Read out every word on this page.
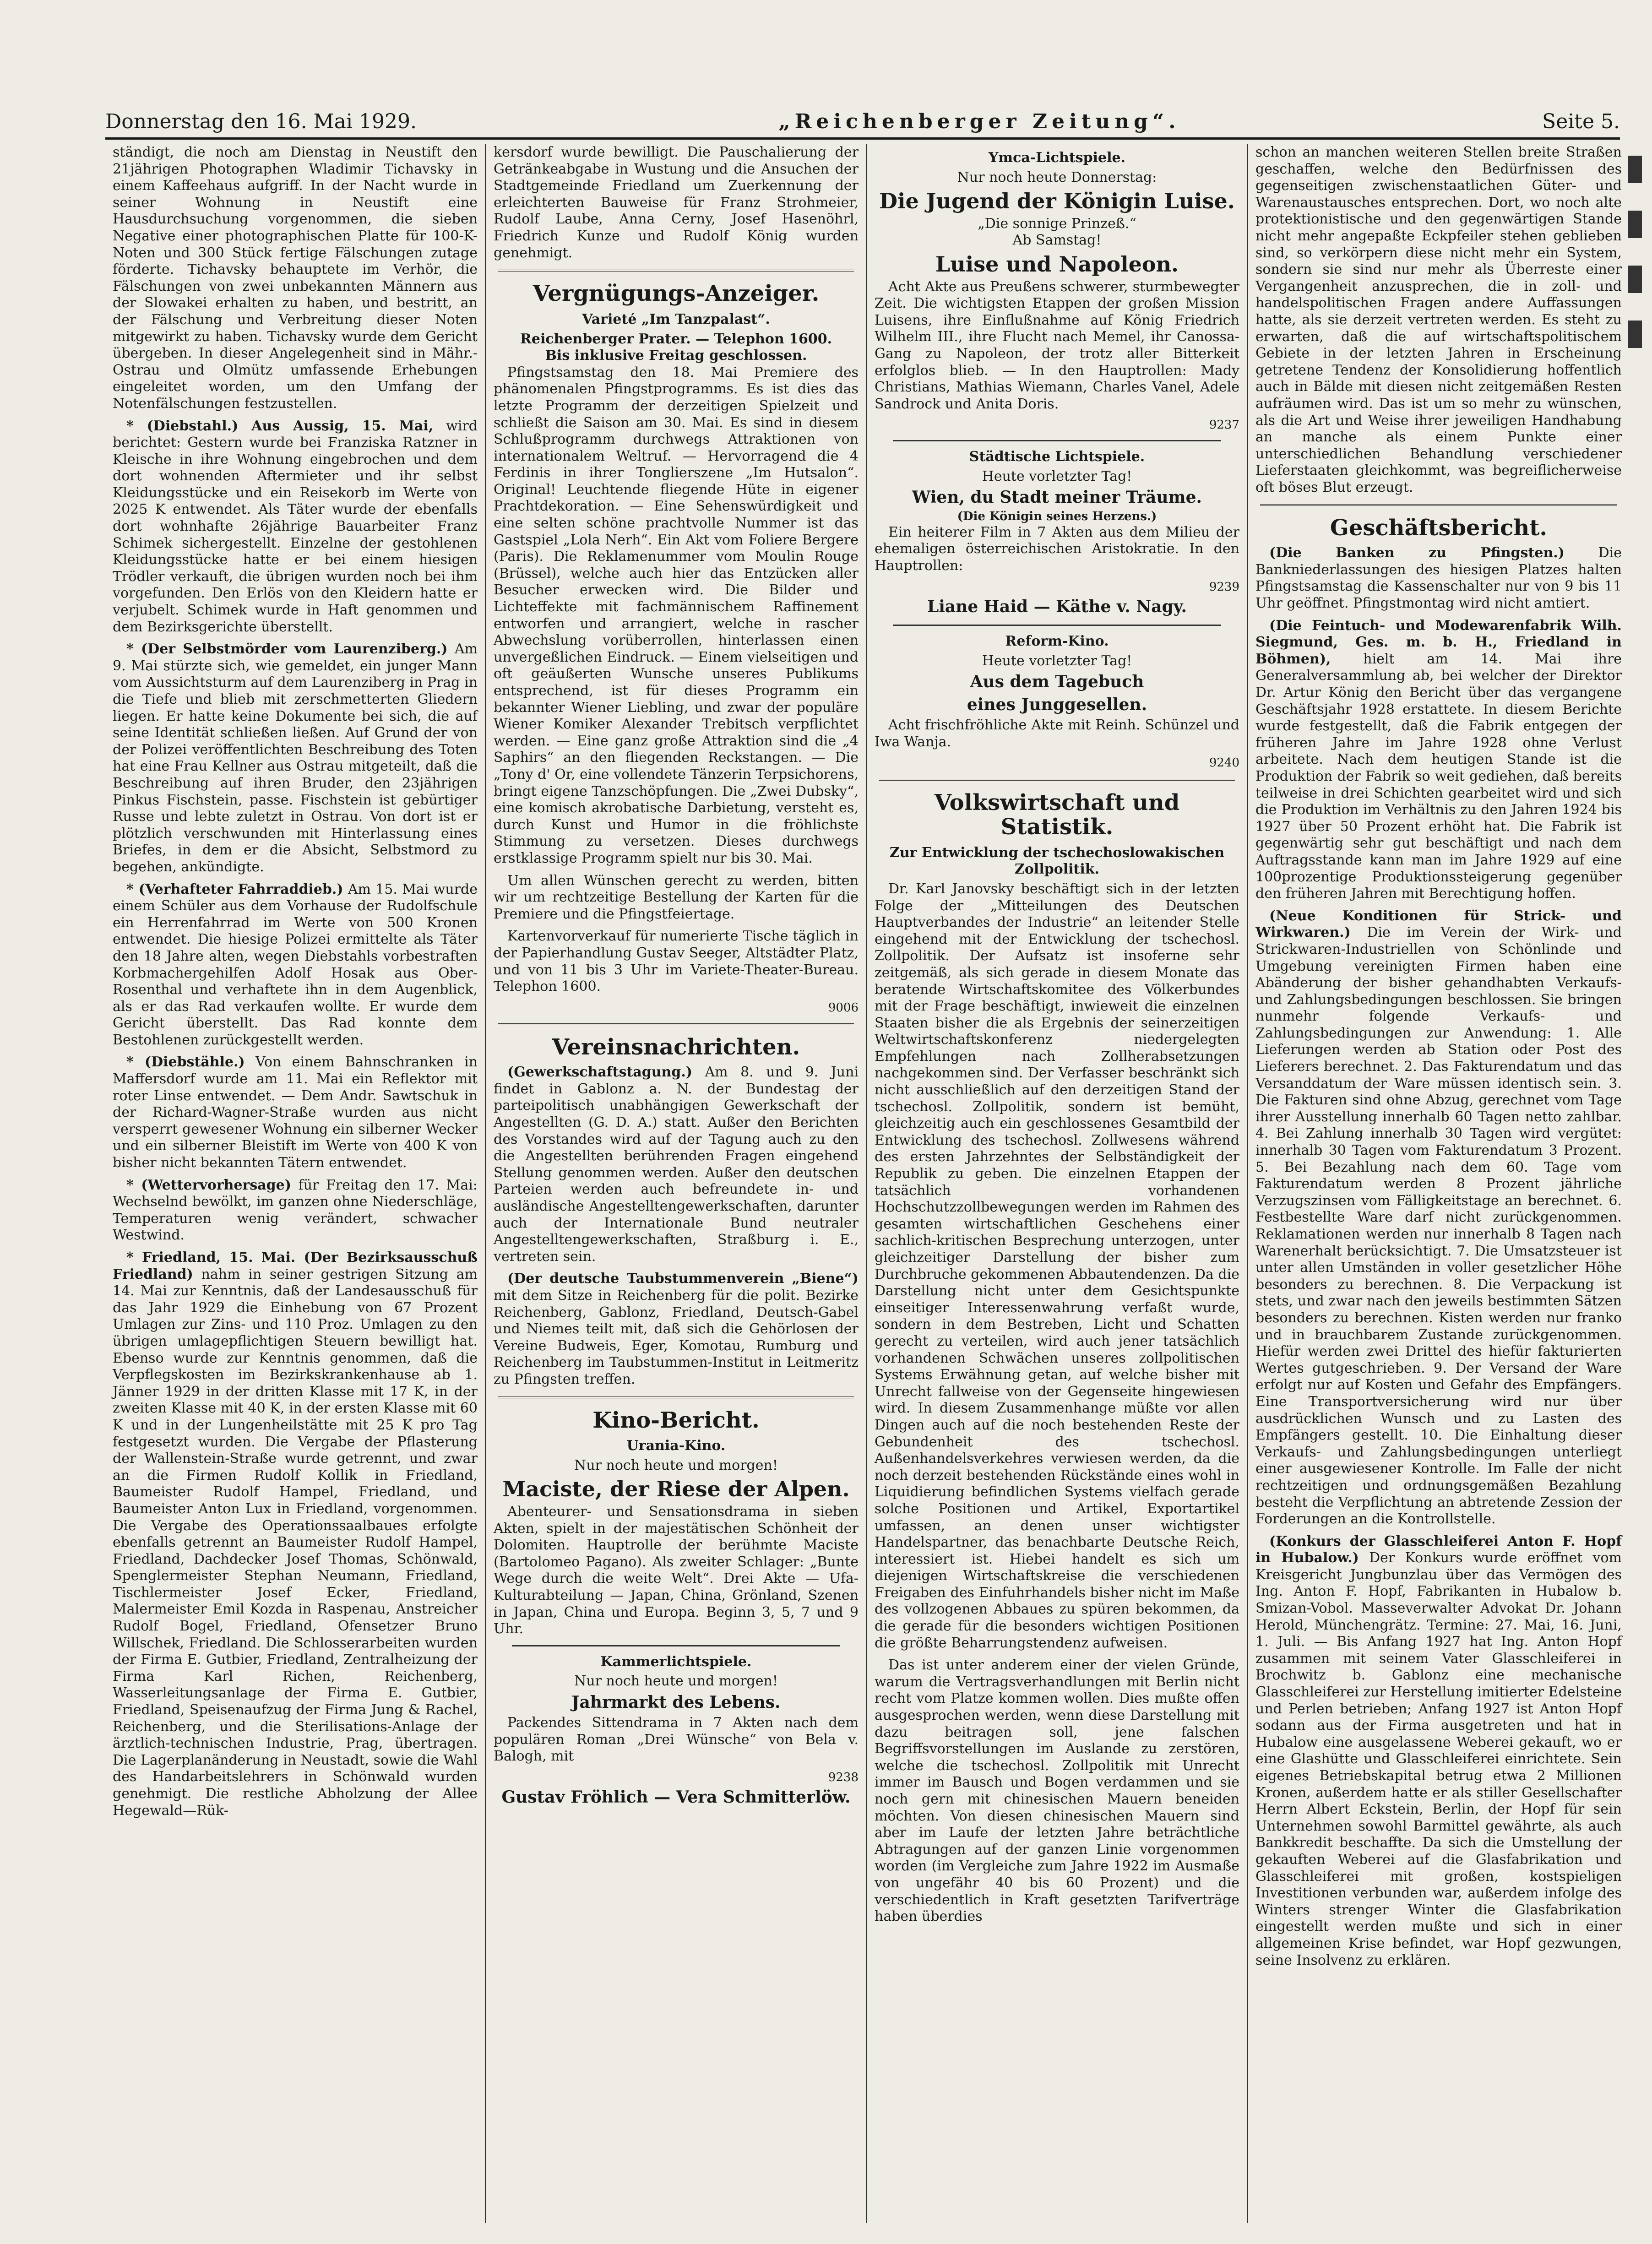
Donnerstag den 16. Mai 1929.	„Reichenberger Zeitung“.	Seite 5.

ständigt, die noch am Dienstag in Neustift den 21jährigen Photographen Wladimir Tichavsky in einem Kaffeehaus aufgriff. In der Nacht wurde in seiner Wohnung in Neustift eine Hausdurchsuchung vorgenommen, die sieben Negative einer photographischen Platte für 100-K-Noten und 300 Stück fertige Fälschungen zutage förderte. Tichavsky behauptete im Verhör, die Fälschungen von zwei unbekannten Männern aus der Slowakei erhalten zu haben, und bestritt, an der Fälschung und Verbreitung dieser Noten mitgewirkt zu haben. Tichavsky wurde dem Gericht übergeben. In dieser Angelegenheit sind in Mähr.-Ostrau und Olmütz umfassende Erhebungen eingeleitet worden, um den Umfang der Notenfälschungen festzustellen.

* (Diebstahl.) Aus Aussig, 15. Mai, wird berichtet: Gestern wurde bei Franziska Ratzner in Kleische in ihre Wohnung eingebrochen und dem dort wohnenden Aftermieter und ihr selbst Kleidungsstücke und ein Reisekorb im Werte von 2025 K entwendet. Als Täter wurde der ebenfalls dort wohnhafte 26jährige Bauarbeiter Franz Schimek sichergestellt. Einzelne der gestohlenen Kleidungsstücke hatte er bei einem hiesigen Trödler verkauft, die übrigen wurden noch bei ihm vorgefunden. Den Erlös von den Kleidern hatte er verjubelt. Schimek wurde in Haft genommen und dem Bezirksgerichte überstellt.

* (Der Selbstmörder vom Laurenziberg.) Am 9. Mai stürzte sich, wie gemeldet, ein junger Mann vom Aussichtsturm auf dem Laurenziberg in Prag in die Tiefe und blieb mit zerschmetterten Gliedern liegen. Er hatte keine Dokumente bei sich, die auf seine Identität schließen ließen. Auf Grund der von der Polizei veröffentlichten Beschreibung des Toten hat eine Frau Kellner aus Ostrau mitgeteilt, daß die Beschreibung auf ihren Bruder, den 23jährigen Pinkus Fischstein, passe. Fischstein ist gebürtiger Russe und lebte zuletzt in Ostrau. Von dort ist er plötzlich verschwunden mit Hinterlassung eines Briefes, in dem er die Absicht, Selbstmord zu begehen, ankündigte.

* (Verhafteter Fahrraddieb.) Am 15. Mai wurde einem Schüler aus dem Vorhause der Rudolfschule ein Herrenfahrrad im Werte von 500 Kronen entwendet. Die hiesige Polizei ermittelte als Täter den 18 Jahre alten, wegen Diebstahls vorbestraften Korbmachergehilfen Adolf Hosak aus Ober-Rosenthal und verhaftete ihn in dem Augenblick, als er das Rad verkaufen wollte. Er wurde dem Gericht überstellt. Das Rad konnte dem Bestohlenen zurückgestellt werden.

* (Diebstähle.) Von einem Bahnschranken in Maffersdorf wurde am 11. Mai ein Reflektor mit roter Linse entwendet. — Dem Andr. Sawtschuk in der Richard-Wagner-Straße wurden aus nicht versperrt gewesener Wohnung ein silberner Wecker und ein silberner Bleistift im Werte von 400 K von bisher nicht bekannten Tätern entwendet.

* (Wettervorhersage) für Freitag den 17. Mai: Wechselnd bewölkt, im ganzen ohne Niederschläge, Temperaturen wenig verändert, schwacher Westwind.

* Friedland, 15. Mai. (Der Bezirksausschuß Friedland) nahm in seiner gestrigen Sitzung am 14. Mai zur Kenntnis, daß der Landesausschuß für das Jahr 1929 die Einhebung von 67 Prozent Umlagen zur Zins- und 110 Proz. Umlagen zu den übrigen umlagepflichtigen Steuern bewilligt hat. Ebenso wurde zur Kenntnis genommen, daß die Verpflegskosten im Bezirkskrankenhause ab 1. Jänner 1929 in der dritten Klasse mit 17 K, in der zweiten Klasse mit 40 K, in der ersten Klasse mit 60 K und in der Lungenheilstätte mit 25 K pro Tag festgesetzt wurden. Die Vergabe der Pflasterung der Wallenstein-Straße wurde getrennt, und zwar an die Firmen Rudolf Kollik in Friedland, Baumeister Rudolf Hampel, Friedland, und Baumeister Anton Lux in Friedland, vorgenommen. Die Vergabe des Operationssaalbaues erfolgte ebenfalls getrennt an Baumeister Rudolf Hampel, Friedland, Dachdecker Josef Thomas, Schönwald, Spenglermeister Stephan Neumann, Friedland, Tischlermeister Josef Ecker, Friedland, Malermeister Emil Kozda in Raspenau, Anstreicher Rudolf Bogel, Friedland, Ofensetzer Bruno Willschek, Friedland. Die Schlosserarbeiten wurden der Firma E. Gutbier, Friedland, Zentralheizung der Firma Karl Richen, Reichenberg, Wasserleitungsanlage der Firma E. Gutbier, Friedland, Speisenaufzug der Firma Jung & Rachel, Reichenberg, und die Sterilisations-Anlage der ärztlich-technischen Industrie, Prag, übertragen. Die Lagerplanänderung in Neustadt, sowie die Wahl des Handarbeitslehrers in Schönwald wurden genehmigt. Die restliche Abholzung der Allee Hegewald—Rük-

kersdorf wurde bewilligt. Die Pauschalierung der Getränkeabgabe in Wustung und die Ansuchen der Stadtgemeinde Friedland um Zuerkennung der erleichterten Bauweise für Franz Strohmeier, Rudolf Laube, Anna Cerny, Josef Hasenöhrl, Friedrich Kunze und Rudolf König wurden genehmigt.

Vergnügungs-Anzeiger.
Varieté „Im Tanzpalast“.
Reichenberger Prater. — Telephon 1600.
Bis inklusive Freitag geschlossen.

Pfingstsamstag den 18. Mai Premiere des phänomenalen Pfingstprogramms. Es ist dies das letzte Programm der derzeitigen Spielzeit und schließt die Saison am 30. Mai. Es sind in diesem Schlußprogramm durchwegs Attraktionen von internationalem Weltruf. — Hervorragend die 4 Ferdinis in ihrer Tonglierszene „Im Hutsalon“. Original! Leuchtende fliegende Hüte in eigener Prachtdekoration. — Eine Sehenswürdigkeit und eine selten schöne prachtvolle Nummer ist das Gastspiel „Lola Nerh“. Ein Akt vom Foliere Bergere (Paris). Die Reklamenummer vom Moulin Rouge (Brüssel), welche auch hier das Entzücken aller Besucher erwecken wird. Die Bilder und Lichteffekte mit fachmännischem Raffinement entworfen und arrangiert, welche in rascher Abwechslung vorüberrollen, hinterlassen einen unvergeßlichen Eindruck. — Einem vielseitigen und oft geäußerten Wunsche unseres Publikums entsprechend, ist für dieses Programm ein bekannter Wiener Liebling, und zwar der populäre Wiener Komiker Alexander Trebitsch verpflichtet werden. — Eine ganz große Attraktion sind die „4 Saphirs“ an den fliegenden Reckstangen. — Die „Tony d' Or, eine vollendete Tänzerin Terpsichorens, bringt eigene Tanzschöpfungen. Die „Zwei Dubsky“, eine komisch akrobatische Darbietung, versteht es, durch Kunst und Humor in die fröhlichste Stimmung zu versetzen. Dieses durchwegs erstklassige Programm spielt nur bis 30. Mai.

Um allen Wünschen gerecht zu werden, bitten wir um rechtzeitige Bestellung der Karten für die Premiere und die Pfingstfeiertage.

Kartenvorverkauf für numerierte Tische täglich in der Papierhandlung Gustav Seeger, Altstädter Platz, und von 11 bis 3 Uhr im Variete-Theater-Bureau. Telephon 1600.

9006
Vereinsnachrichten.

(Gewerkschaftstagung.) Am 8. und 9. Juni findet in Gablonz a. N. der Bundestag der parteipolitisch unabhängigen Gewerkschaft der Angestellten (G. D. A.) statt. Außer den Berichten des Vorstandes wird auf der Tagung auch zu den die Angestellten berührenden Fragen eingehend Stellung genommen werden. Außer den deutschen Parteien werden auch befreundete in- und ausländische Angestelltengewerkschaften, darunter auch der Internationale Bund neutraler Angestelltengewerkschaften, Straßburg i. E., vertreten sein.

(Der deutsche Taubstummenverein „Biene“) mit dem Sitze in Reichenberg für die polit. Bezirke Reichenberg, Gablonz, Friedland, Deutsch-Gabel und Niemes teilt mit, daß sich die Gehörlosen der Vereine Budweis, Eger, Komotau, Rumburg und Reichenberg im Taubstummen-Institut in Leitmeritz zu Pfingsten treffen.

Kino-Bericht.
Urania-Kino.
Nur noch heute und morgen!
Maciste, der Riese der Alpen.

Abenteurer- und Sensationsdrama in sieben Akten, spielt in der majestätischen Schönheit der Dolomiten. Hauptrolle der berühmte Maciste (Bartolomeo Pagano). Als zweiter Schlager: „Bunte Wege durch die weite Welt“. Drei Akte — Ufa-Kulturabteilung — Japan, China, Grönland, Szenen in Japan, China und Europa. Beginn 3, 5, 7 und 9 Uhr.

Kammerlichtspiele.
Nur noch heute und morgen!
Jahrmarkt des Lebens.

Packendes Sittendrama in 7 Akten nach dem populären Roman „Drei Wünsche“ von Bela v. Balogh, mit

9238
Gustav Fröhlich — Vera Schmitterlöw.
Ymca-Lichtspiele.
Nur noch heute Donnerstag:
Die Jugend der Königin Luise.
„Die sonnige Prinzeß.“
Ab Samstag!
Luise und Napoleon.

Acht Akte aus Preußens schwerer, sturmbewegter Zeit. Die wichtigsten Etappen der großen Mission Luisens, ihre Einflußnahme auf König Friedrich Wilhelm III., ihre Flucht nach Memel, ihr Canossa-Gang zu Napoleon, der trotz aller Bitterkeit erfolglos blieb. — In den Hauptrollen: Mady Christians, Mathias Wiemann, Charles Vanel, Adele Sandrock und Anita Doris.

9237
Städtische Lichtspiele.
Heute vorletzter Tag!
Wien, du Stadt meiner Träume.
(Die Königin seines Herzens.)

Ein heiterer Film in 7 Akten aus dem Milieu der ehemaligen österreichischen Aristokratie. In den Hauptrollen:

9239
Liane Haid — Käthe v. Nagy.
Reform-Kino.
Heute vorletzter Tag!
Aus dem Tagebuch
eines Junggesellen.

Acht frischfröhliche Akte mit Reinh. Schünzel und Iwa Wanja.

9240
Volkswirtschaft und Statistik.
Zur Entwicklung der tschechoslowakischen Zollpolitik.

Dr. Karl Janovsky beschäftigt sich in der letzten Folge der „Mitteilungen des Deutschen Hauptverbandes der Industrie“ an leitender Stelle eingehend mit der Entwicklung der tschechosl. Zollpolitik. Der Aufsatz ist insoferne sehr zeitgemäß, als sich gerade in diesem Monate das beratende Wirtschaftskomitee des Völkerbundes mit der Frage beschäftigt, inwieweit die einzelnen Staaten bisher die als Ergebnis der seinerzeitigen Weltwirtschaftskonferenz niedergelegten Empfehlungen nach Zollherabsetzungen nachgekommen sind. Der Verfasser beschränkt sich nicht ausschließlich auf den derzeitigen Stand der tschechosl. Zollpolitik, sondern ist bemüht, gleichzeitig auch ein geschlossenes Gesamtbild der Entwicklung des tschechosl. Zollwesens während des ersten Jahrzehntes der Selbständigkeit der Republik zu geben. Die einzelnen Etappen der tatsächlich vorhandenen Hochschutzzollbewegungen werden im Rahmen des gesamten wirtschaftlichen Geschehens einer sachlich-kritischen Besprechung unterzogen, unter gleichzeitiger Darstellung der bisher zum Durchbruche gekommenen Abbautendenzen. Da die Darstellung nicht unter dem Gesichtspunkte einseitiger Interessenwahrung verfaßt wurde, sondern in dem Bestreben, Licht und Schatten gerecht zu verteilen, wird auch jener tatsächlich vorhandenen Schwächen unseres zollpolitischen Systems Erwähnung getan, auf welche bisher mit Unrecht fallweise von der Gegenseite hingewiesen wird. In diesem Zusammenhange müßte vor allen Dingen auch auf die noch bestehenden Reste der Gebundenheit des tschechosl. Außenhandelsverkehres verwiesen werden, da die noch derzeit bestehenden Rückstände eines wohl in Liquidierung befindlichen Systems vielfach gerade solche Positionen und Artikel, Exportartikel umfassen, an denen unser wichtigster Handelspartner, das benachbarte Deutsche Reich, interessiert ist. Hiebei handelt es sich um diejenigen Wirtschaftskreise die verschiedenen Freigaben des Einfuhrhandels bisher nicht im Maße des vollzogenen Abbaues zu spüren bekommen, da die gerade für die besonders wichtigen Positionen die größte Beharrungstendenz aufweisen.

Das ist unter anderem einer der vielen Gründe, warum die Vertragsverhandlungen mit Berlin nicht recht vom Platze kommen wollen. Dies mußte offen ausgesprochen werden, wenn diese Darstellung mit dazu beitragen soll, jene falschen Begriffsvorstellungen im Auslande zu zerstören, welche die tschechosl. Zollpolitik mit Unrecht immer im Bausch und Bogen verdammen und sie noch gern mit chinesischen Mauern beneiden möchten. Von diesen chinesischen Mauern sind aber im Laufe der letzten Jahre beträchtliche Abtragungen auf der ganzen Linie vorgenommen worden (im Vergleiche zum Jahre 1922 im Ausmaße von ungefähr 40 bis 60 Prozent) und die verschiedentlich in Kraft gesetzten Tarifverträge haben überdies

schon an manchen weiteren Stellen breite Straßen geschaffen, welche den Bedürfnissen des gegenseitigen zwischenstaatlichen Güter- und Warenaustausches entsprechen. Dort, wo noch alte protektionistische und den gegenwärtigen Stande nicht mehr angepaßte Eckpfeiler stehen geblieben sind, so verkörpern diese nicht mehr ein System, sondern sie sind nur mehr als Überreste einer Vergangenheit anzusprechen, die in zoll- und handelspolitischen Fragen andere Auffassungen hatte, als sie derzeit vertreten werden. Es steht zu erwarten, daß die auf wirtschaftspolitischem Gebiete in der letzten Jahren in Erscheinung getretene Tendenz der Konsolidierung hoffentlich auch in Bälde mit diesen nicht zeitgemäßen Resten aufräumen wird. Das ist um so mehr zu wünschen, als die Art und Weise ihrer jeweiligen Handhabung an manche als einem Punkte einer unterschiedlichen Behandlung verschiedener Lieferstaaten gleichkommt, was begreiflicherweise oft böses Blut erzeugt.

Geschäftsbericht.

(Die Banken zu Pfingsten.) Die Bankniederlassungen des hiesigen Platzes halten Pfingstsamstag die Kassenschalter nur von 9 bis 11 Uhr geöffnet. Pfingstmontag wird nicht amtiert.

(Die Feintuch- und Modewarenfabrik Wilh. Siegmund, Ges. m. b. H., Friedland in Böhmen), hielt am 14. Mai ihre Generalversammlung ab, bei welcher der Direktor Dr. Artur König den Bericht über das vergangene Geschäftsjahr 1928 erstattete. In diesem Berichte wurde festgestellt, daß die Fabrik entgegen der früheren Jahre im Jahre 1928 ohne Verlust arbeitete. Nach dem heutigen Stande ist die Produktion der Fabrik so weit gediehen, daß bereits teilweise in drei Schichten gearbeitet wird und sich die Produktion im Verhältnis zu den Jahren 1924 bis 1927 über 50 Prozent erhöht hat. Die Fabrik ist gegenwärtig sehr gut beschäftigt und nach dem Auftragsstande kann man im Jahre 1929 auf eine 100prozentige Produktionssteigerung gegenüber den früheren Jahren mit Berechtigung hoffen.

(Neue Konditionen für Strick- und Wirkwaren.) Die im Verein der Wirk- und Strickwaren-Industriellen von Schönlinde und Umgebung vereinigten Firmen haben eine Abänderung der bisher gehandhabten Verkaufs- und Zahlungsbedingungen beschlossen. Sie bringen nunmehr folgende Verkaufs- und Zahlungsbedingungen zur Anwendung: 1. Alle Lieferungen werden ab Station oder Post des Lieferers berechnet. 2. Das Fakturendatum und das Versanddatum der Ware müssen identisch sein. 3. Die Fakturen sind ohne Abzug, gerechnet vom Tage ihrer Ausstellung innerhalb 60 Tagen netto zahlbar. 4. Bei Zahlung innerhalb 30 Tagen wird vergütet: innerhalb 30 Tagen vom Fakturendatum 3 Prozent. 5. Bei Bezahlung nach dem 60. Tage vom Fakturendatum werden 8 Prozent jährliche Verzugszinsen vom Fälligkeitstage an berechnet. 6. Festbestellte Ware darf nicht zurückgenommen. Reklamationen werden nur innerhalb 8 Tagen nach Warenerhalt berücksichtigt. 7. Die Umsatzsteuer ist unter allen Umständen in voller gesetzlicher Höhe besonders zu berechnen. 8. Die Verpackung ist stets, und zwar nach den jeweils bestimmten Sätzen besonders zu berechnen. Kisten werden nur franko und in brauchbarem Zustande zurückgenommen. Hiefür werden zwei Drittel des hiefür fakturierten Wertes gutgeschrieben. 9. Der Versand der Ware erfolgt nur auf Kosten und Gefahr des Empfängers. Eine Transportversicherung wird nur über ausdrücklichen Wunsch und zu Lasten des Empfängers gestellt. 10. Die Einhaltung dieser Verkaufs- und Zahlungsbedingungen unterliegt einer ausgewiesener Kontrolle. Im Falle der nicht rechtzeitigen und ordnungsgemäßen Bezahlung besteht die Verpflichtung an abtretende Zession der Forderungen an die Kontrollstelle.

(Konkurs der Glasschleiferei Anton F. Hopf in Hubalow.) Der Konkurs wurde eröffnet vom Kreisgericht Jungbunzlau über das Vermögen des Ing. Anton F. Hopf, Fabrikanten in Hubalow b. Smizan-Vobol. Masseverwalter Advokat Dr. Johann Herold, Münchengrätz. Termine: 27. Mai, 16. Juni, 1. Juli. — Bis Anfang 1927 hat Ing. Anton Hopf zusammen mit seinem Vater Glasschleiferei in Brochwitz b. Gablonz eine mechanische Glasschleiferei zur Herstellung imitierter Edelsteine und Perlen betrieben; Anfang 1927 ist Anton Hopf sodann aus der Firma ausgetreten und hat in Hubalow eine ausgelassene Weberei gekauft, wo er eine Glashütte und Glasschleiferei einrichtete. Sein eigenes Betriebskapital betrug etwa 2 Millionen Kronen, außerdem hatte er als stiller Gesellschafter Herrn Albert Eckstein, Berlin, der Hopf für sein Unternehmen sowohl Barmittel gewährte, als auch Bankkredit beschaffte. Da sich die Umstellung der gekauften Weberei auf die Glasfabrikation und Glasschleiferei mit großen, kostspieligen Investitionen verbunden war, außerdem infolge des Winters strenger Winter die Glasfabrikation eingestellt werden mußte und sich in einer allgemeinen Krise befindet, war Hopf gezwungen, seine Insolvenz zu erklären.
